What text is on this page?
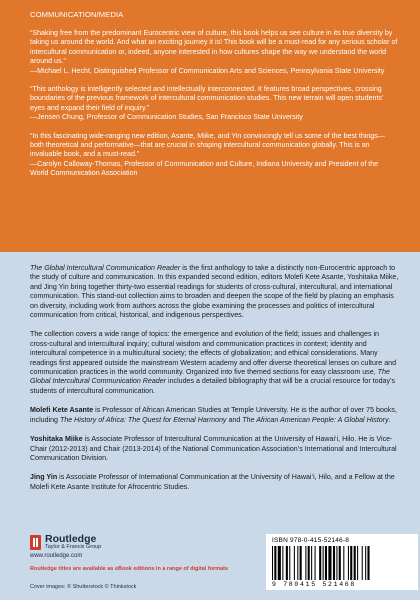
COMMUNICATION/MEDIA

“Shaking free from the predominant Eurocentric view of culture, this book helps us see culture in its true diversity by taking us around the world. And what an exciting journey it is! This book will be a must-read for any serious scholar of intercultural communication or, indeed, anyone interested in how cultures shape the way we understand the world around us.”

—Michael L. Hecht, Distinguished Professor of Communication Arts and Sciences, Pennsylvania State University

“This anthology is intelligently selected and intellectually interconnected. It features broad perspectives, crossing boundaries of the previous framework of intercultural communication studies. This new terrain will open students’ eyes and expand their field of inquiry.”

—Jensen Chung, Professor of Communication Studies, San Francisco State University

“In this fascinating wide-ranging new edition, Asante, Miike, and Yin convincingly tell us some of the best things—both theoretical and performative—that are crucial in shaping intercultural communication globally. This is an invaluable book, and a must-read.”

—Carolyn Calloway-Thomas, Professor of Communication and Culture, Indiana University and President of the World Communication Association

The Global Intercultural Communication Reader is the first anthology to take a distinctly non-Eurocentric approach to the study of culture and communication. In this expanded second edition, editors Molefi Kete Asante, Yoshitaka Miike, and Jing Yin bring together thirty-two essential readings for students of cross-cultural, intercultural, and international communication. This stand-out collection aims to broaden and deepen the scope of the field by placing an emphasis on diversity, including work from authors across the globe examining the processes and politics of intercultural communication from critical, historical, and indigenous perspectives.

The collection covers a wide range of topics: the emergence and evolution of the field; issues and challenges in cross-cultural and intercultural inquiry; cultural wisdom and communication practices in context; identity and intercultural competence in a multicultural society; the effects of globalization; and ethical considerations. Many readings first appeared outside the mainstream Western academy and offer diverse theoretical lenses on culture and communication practices in the world community. Organized into five themed sections for easy classroom use, The Global Intercultural Communication Reader includes a detailed bibliography that will be a crucial resource for today’s students of intercultural communication.

Molefi Kete Asante is Professor of African American Studies at Temple University. He is the author of over 75 books, including The History of Africa: The Quest for Eternal Harmony and The African American People: A Global History.

Yoshitaka Miike is Associate Professor of Intercultural Communication at the University of Hawai‘i, Hilo. He is Vice-Chair (2012-2013) and Chair (2013-2014) of the National Communication Association’s International and Intercultural Communication Division.

Jing Yin is Associate Professor of International Communication at the University of Hawai‘i, Hilo, and a Fellow at the Molefi Kete Asante Institute for Afrocentric Studies.

Routledge
Taylor & Francis Group
www.routledge.com
Routledge titles are available as eBook editions in a range of digital formats
Cover images: © Shutterstock © Thinkstock
ISBN 978-0-415-52146-8
9 780415 521468
